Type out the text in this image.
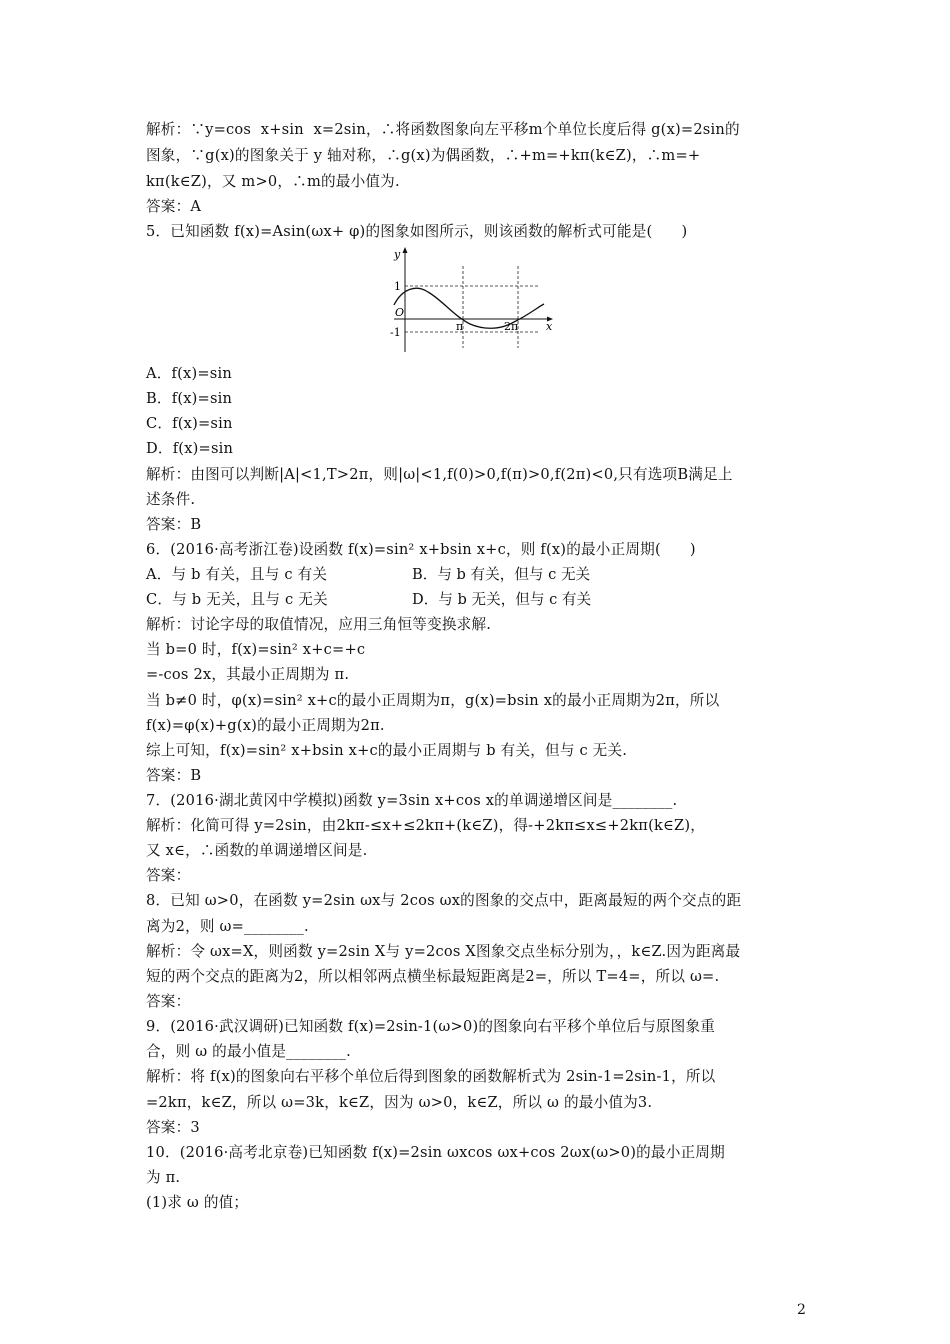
解析：∵y=cos  x+sin  x=2sin，∴将函数图象向左平移m个单位长度后得 g(x)=2sin的
图象，∵g(x)的图象关于 y 轴对称，∴g(x)为偶函数，∴+m=+kπ(k∈Z)，∴m=+
kπ(k∈Z)，又 m>0，∴m的最小值为.
答案：A
5．已知函数 f(x)=Asin(ωx+ φ)的图象如图所示，则该函数的解析式可能是(      )
y
x
O
1
-1	π	2π
A．f(x)=sin
B．f(x)=sin
C．f(x)=sin
D．f(x)=sin
解析：由图可以判断|A|<1,T>2π，则|ω|<1,f(0)>0,f(π)>0,f(2π)<0,只有选项B满足上
述条件.
答案：B
6．(2016·高考浙江卷)设函数 f(x)=sin² x+bsin x+c，则 f(x)的最小正周期(      )
A．与 b 有关，且与 c 有关	B．与 b 有关，但与 c 无关
C．与 b 无关，且与 c 无关	D．与 b 无关，但与 c 有关
解析：讨论字母的取值情况，应用三角恒等变换求解.
当 b=0 时，f(x)=sin² x+c=+c
=-cos 2x，其最小正周期为 π.
当 b≠0 时，φ(x)=sin² x+c的最小正周期为π，g(x)=bsin x的最小正周期为2π，所以
f(x)=φ(x)+g(x)的最小正周期为2π.
综上可知，f(x)=sin² x+bsin x+c的最小正周期与 b 有关，但与 c 无关.
答案：B
7．(2016·湖北黄冈中学模拟)函数 y=3sin x+cos x的单调递增区间是________.
解析：化简可得 y=2sin，由2kπ-≤x+≤2kπ+(k∈Z)，得-+2kπ≤x≤+2kπ(k∈Z)，
又 x∈，∴函数的单调递增区间是.
答案：
8．已知 ω>0，在函数 y=2sin ωx与 2cos ωx的图象的交点中，距离最短的两个交点的距
离为2，则 ω=________.
解析：令 ωx=X，则函数 y=2sin X与 y=2cos X图象交点坐标分别为，，k∈Z.因为距离最
短的两个交点的距离为2，所以相邻两点横坐标最短距离是2=，所以 T=4=，所以 ω=.
答案：
9．(2016·武汉调研)已知函数 f(x)=2sin-1(ω>0)的图象向右平移个单位后与原图象重
合，则 ω 的最小值是________.
解析：将 f(x)的图象向右平移个单位后得到图象的函数解析式为 2sin-1=2sin-1，所以
=2kπ，k∈Z，所以 ω=3k，k∈Z，因为 ω>0，k∈Z，所以 ω 的最小值为3.
答案：3
10．(2016·高考北京卷)已知函数 f(x)=2sin ωxcos ωx+cos 2ωx(ω>0)的最小正周期
为 π.
(1)求 ω 的值；
2
